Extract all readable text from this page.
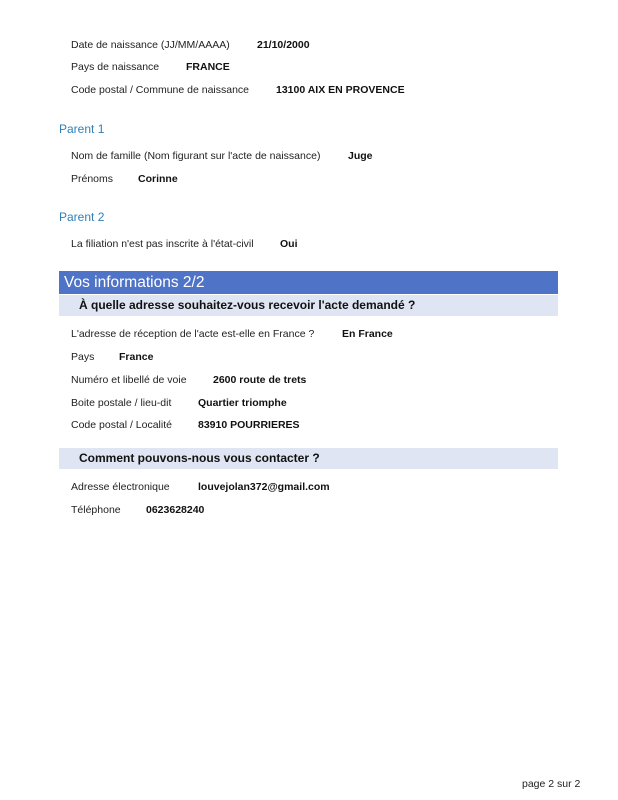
Date de naissance (JJ/MM/AAAA)	21/10/2000
Pays de naissance	FRANCE
Code postal / Commune de naissance	13100 AIX EN PROVENCE
Parent 1
Nom de famille (Nom figurant sur l'acte de naissance)	Juge
Prénoms Corinne
Parent 2
La filiation n'est pas inscrite à l'état-civil	Oui
Vos informations 2/2
À quelle adresse souhaitez-vous recevoir l'acte demandé ?
L'adresse de réception de l'acte est-elle en France ?	En France
Pays France
Numéro et libellé de voie	2600 route de trets
Boite postale / lieu-dit	Quartier triomphe
Code postal / Localité 83910 POURRIERES
Comment pouvons-nous vous contacter ?
Adresse électronique	louvejolan372@gmail.com
Téléphone 0623628240
page 2 sur 2
